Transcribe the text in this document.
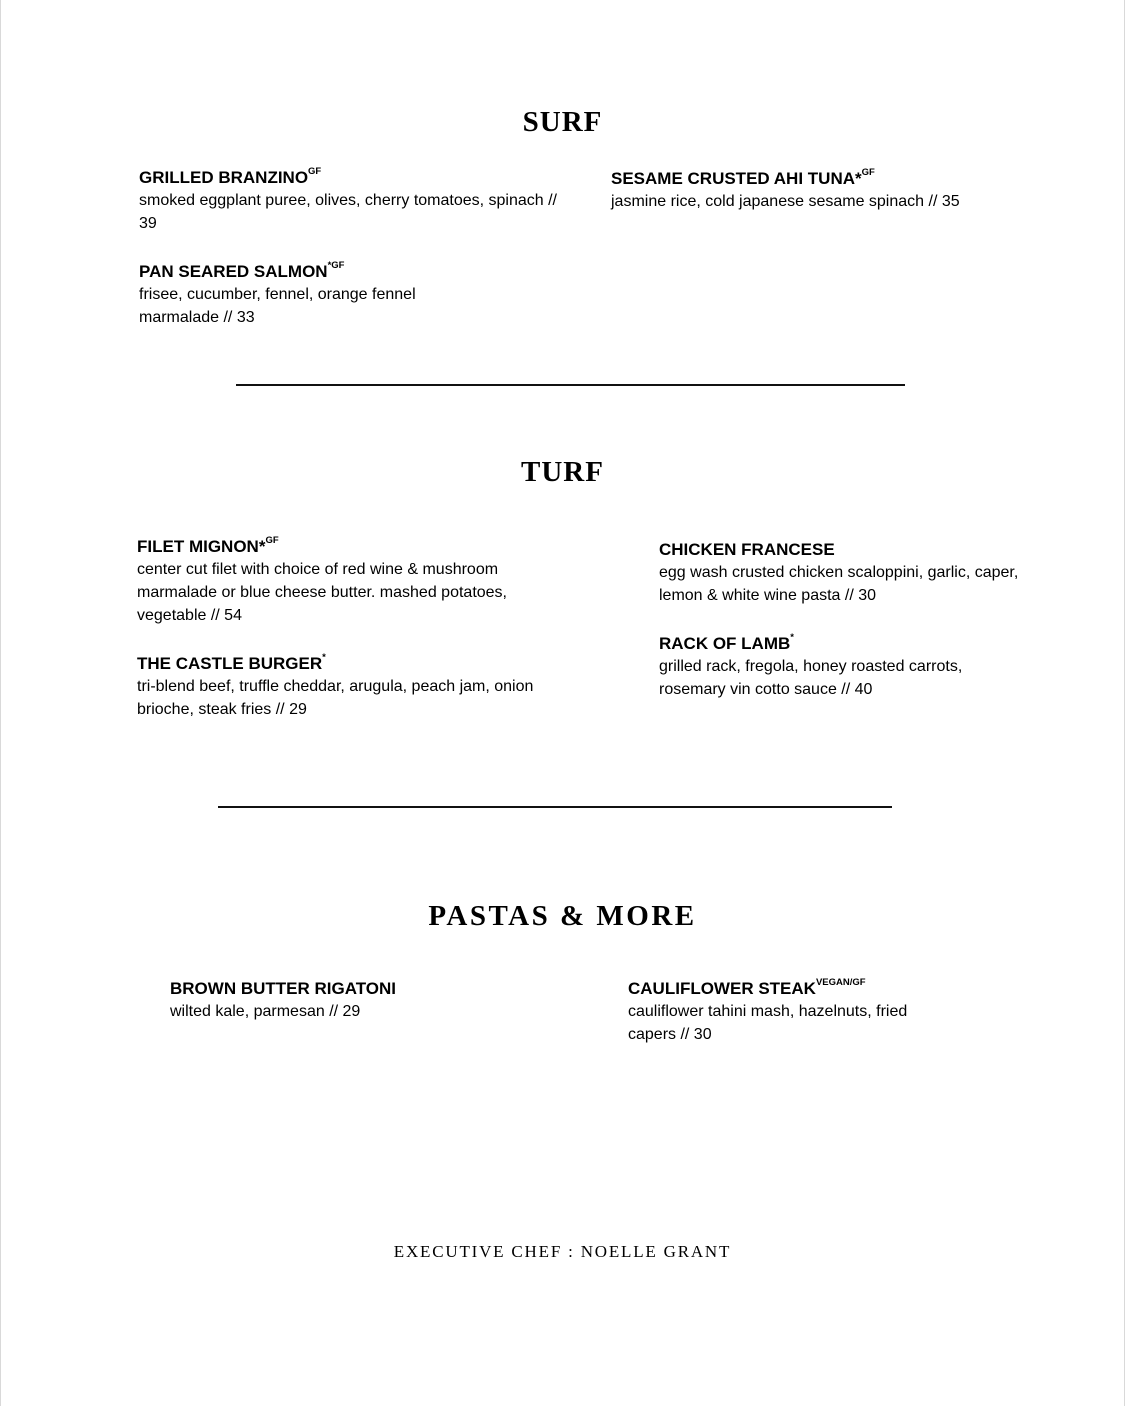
SURF
GRILLED $BRANZINO^{GF}$
smoked eggplant puree, olives, cherry tomatoes, spinach // 39
SESAME CRUSTED AHI TUNA*$^{GF}$
jasmine rice, cold japanese sesame spinach // 35
PAN SEARED $SALMON^{*GF}$
frisee, cucumber, fennel, orange fennel marmalade // 33
TURF
FILET MIGNON*$^{GF}$
center cut filet with choice of red wine & mushroom marmalade or blue cheese butter. mashed potatoes, vegetable // 54
CHICKEN FRANCESE
egg wash crusted chicken scaloppini, garlic, caper, lemon & white wine pasta // 30
THE CASTLE BURGER*
tri-blend beef, truffle cheddar, arugula, peach jam, onion brioche, steak fries // 29
RACK OF LAMB*
grilled rack, fregola, honey roasted carrots, rosemary vin cotto sauce // 40
PASTAS & MORE
BROWN BUTTER RIGATONI
wilted kale, parmesan // 29
CAULIFLOWER $STEAK^{VEGAN/GF}$
cauliflower tahini mash, hazelnuts, fried capers // 30
EXECUTIVE CHEF : NOELLE GRANT
